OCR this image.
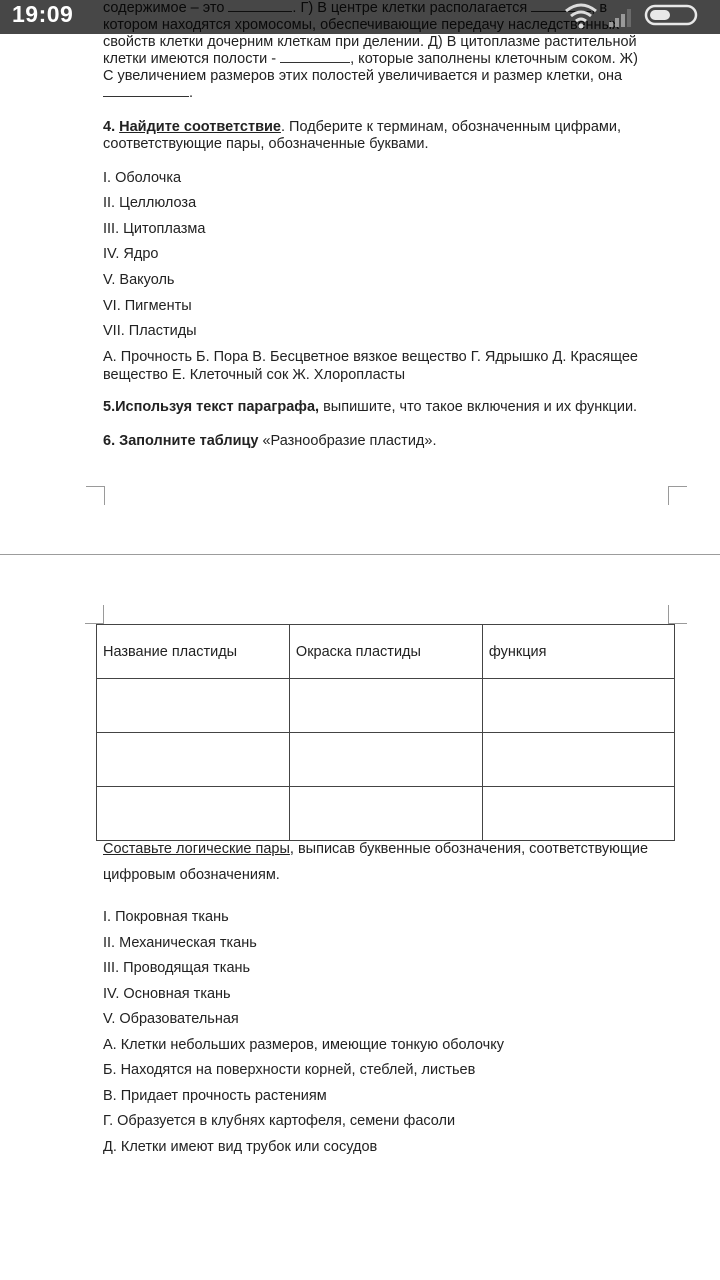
19:09

свойств клетки дочерним клеткам при делении. Д) В цитоплазме растительной
клетки имеются полости -	, которые заполнены клеточным соком. Ж)
С увеличением размеров этих полостей увеличивается и размер клетки, она
.
4. Найдите соответствие. Подберите к терминам, обозначенным цифрами,
соответствующие пары, обозначенные буквами.
I. Оболочка
II. Целлюлоза
III. Цитоплазма
IV. Ядро
V. Вакуоль
VI. Пигменты
VII. Пластиды
А. Прочность Б. Пора В. Бесцветное вязкое вещество Г. Ядрышко Д. Красящее
вещество Е. Клеточный сок Ж. Хлоропласты
5.Используя текст параграфа, выпишите, что такое включения и их функции.
6. Заполните таблицу «Разнообразие пластид».
Название пластиды	Окраска пластиды	функция

Составьте логические пары, выписав буквенные обозначения, соответствующие
цифровым обозначениям.
I. Покровная ткань
II. Механическая ткань
III. Проводящая ткань
IV. Основная ткань
V. Образовательная
А. Клетки небольших размеров, имеющие тонкую оболочку
Б. Находятся на поверхности корней, стеблей, листьев
В. Придает прочность растениям
Г. Образуется в клубнях картофеля, семени фасоли
Д. Клетки имеют вид трубок или сосудов
